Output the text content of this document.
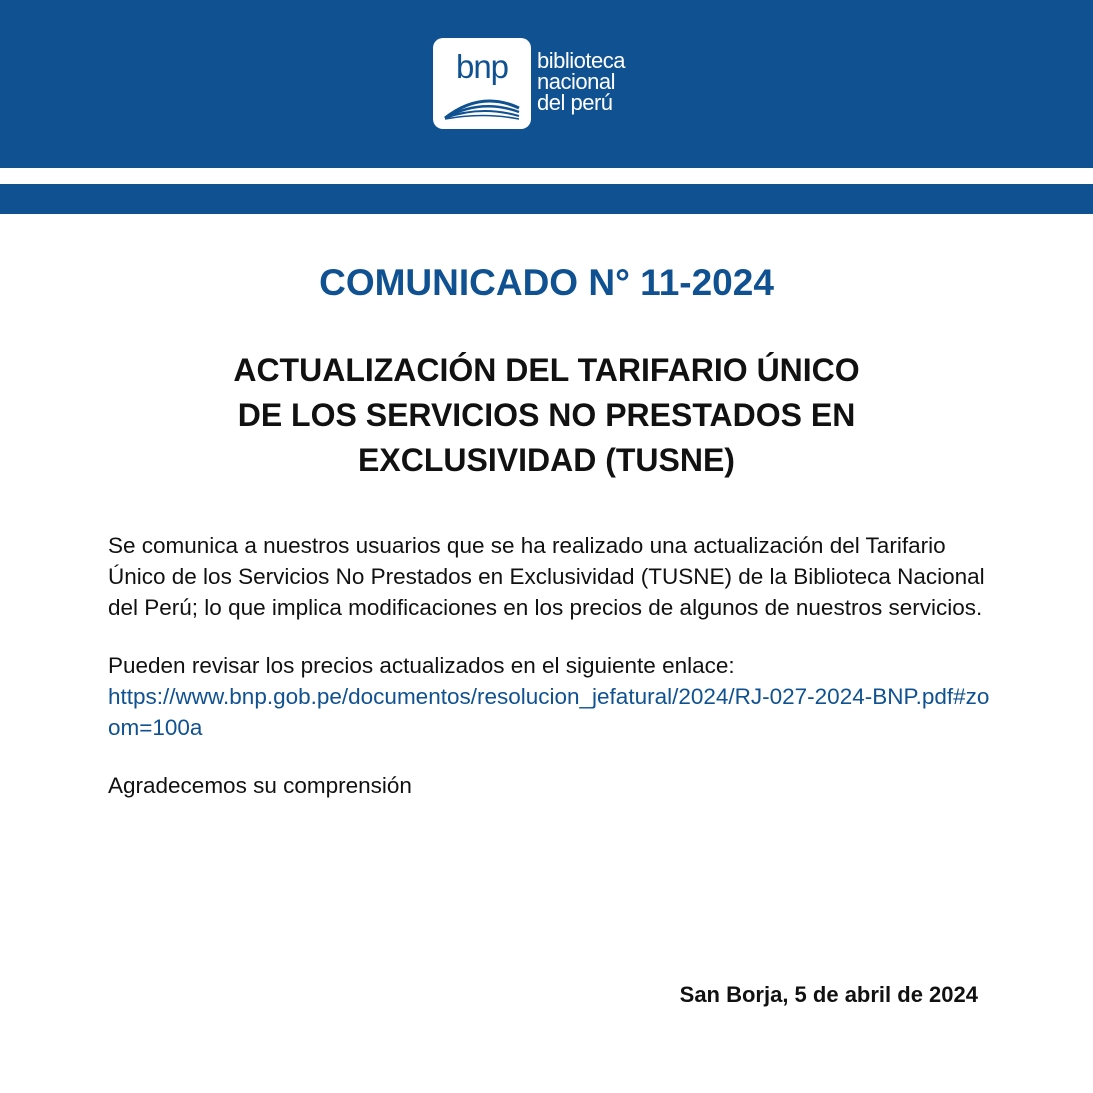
bnp	biblioteca
nacional
del perú
COMUNICADO N° 11-2024
ACTUALIZACIÓN DEL TARIFARIO ÚNICO
DE LOS SERVICIOS NO PRESTADOS EN
EXCLUSIVIDAD (TUSNE)

Se comunica a nuestros usuarios que se ha realizado una actualización del Tarifario Único de los Servicios No Prestados en Exclusividad (TUSNE) de la Biblioteca Nacional del Perú; lo que implica modificaciones en los precios de algunos de nuestros servicios.

Pueden revisar los precios actualizados en el siguiente enlace:
https://www.bnp.gob.pe/documentos/resolucion_jefatural/2024/RJ-027-2024-BNP.pdf#zoom=100a

Agradecemos su comprensión

San Borja, 5 de abril de 2024
